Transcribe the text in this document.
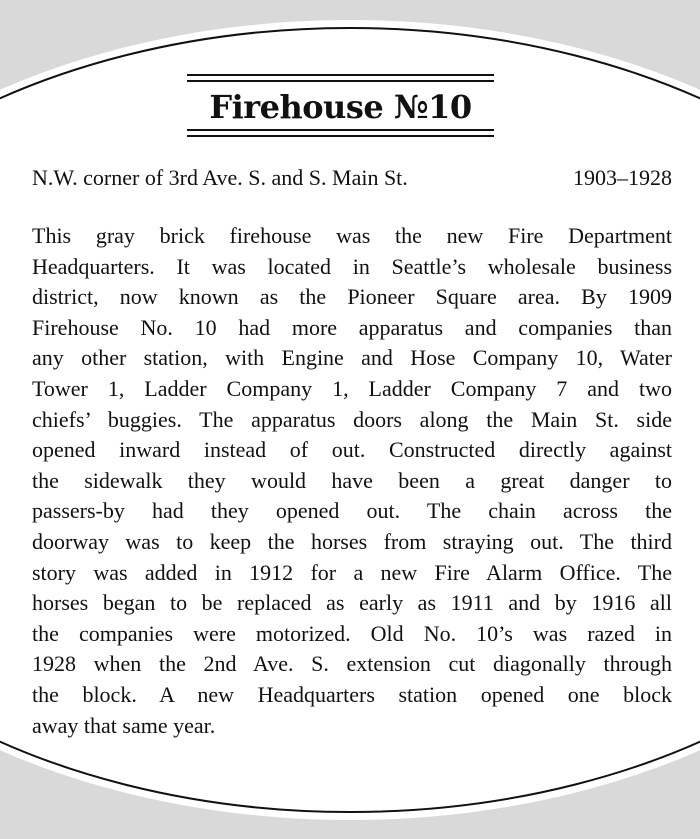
Firehouse №10
N.W. corner of 3rd Ave. S. and S. Main St.	1903–1928
This gray brick firehouse was the new Fire Department
Headquarters. It was located in Seattle’s wholesale business
district, now known as the Pioneer Square area. By 1909
Firehouse No. 10 had more apparatus and companies than
any other station, with Engine and Hose Company 10, Water
Tower 1, Ladder Company 1, Ladder Company 7 and two
chiefs’ buggies. The apparatus doors along the Main St. side
opened inward instead of out. Constructed directly against
the sidewalk they would have been a great danger to
passers-by had they opened out. The chain across the
doorway was to keep the horses from straying out. The third
story was added in 1912 for a new Fire Alarm Office. The
horses began to be replaced as early as 1911 and by 1916 all
the companies were motorized. Old No. 10’s was razed in
1928 when the 2nd Ave. S. extension cut diagonally through
the block. A new Headquarters station opened one block
away that same year.
